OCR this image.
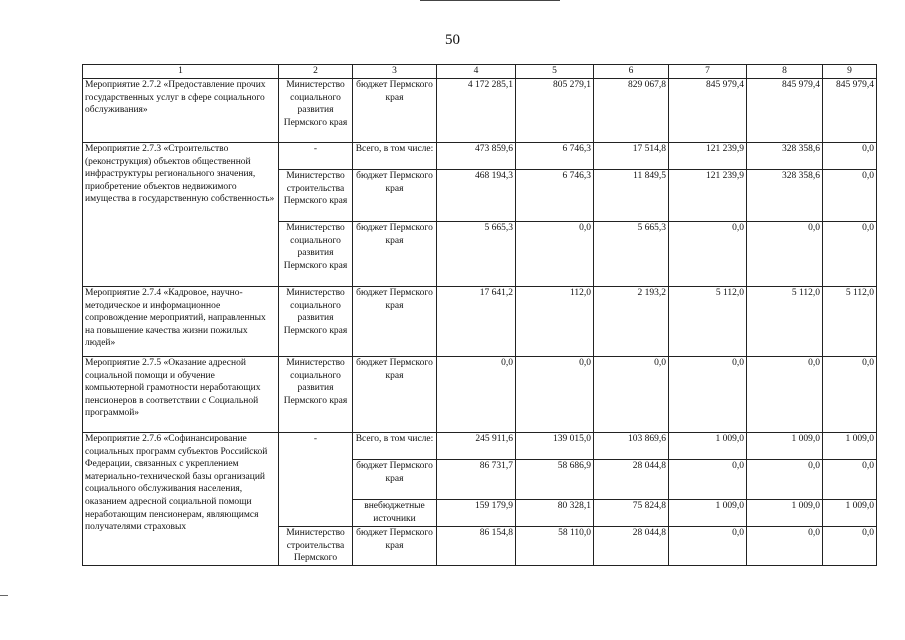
50
1	2	3	4	5	6	7	8	9
Мероприятие 2.7.2 «Предоставление прочих государственных услуг в сфере социального обслуживания»	Министерство социального развития Пермского края	бюджет Пермского края	4 172 285,1	805 279,1	829 067,8	845 979,4	845 979,4	845 979,4
Мероприятие 2.7.3 «Строительство (реконструкция) объектов общественной инфраструктуры регионального значения, приобретение объектов недвижимого имущества в государственную собственность»	-	Всего, в том числе:	473 859,6	6 746,3	17 514,8	121 239,9	328 358,6	0,0
	Министерство строительства Пермского края	бюджет Пермского края	468 194,3	6 746,3	11 849,5	121 239,9	328 358,6	0,0
	Министерство социального развития Пермского края	бюджет Пермского края	5 665,3	0,0	5 665,3	0,0	0,0	0,0
Мероприятие 2.7.4 «Кадровое, научно-методическое и информационное сопровождение мероприятий, направленных на повышение качества жизни пожилых людей»	Министерство социального развития Пермского края	бюджет Пермского края	17 641,2	112,0	2 193,2	5 112,0	5 112,0	5 112,0
Мероприятие 2.7.5 «Оказание адресной социальной помощи и обучение компьютерной грамотности неработающих пенсионеров в соответствии с Социальной программой»	Министерство социального развития Пермского края	бюджет Пермского края	0,0	0,0	0,0	0,0	0,0	0,0
Мероприятие 2.7.6 «Софинансирование социальных программ субъектов Российской Федерации, связанных с укреплением материально-технической базы организаций социального обслуживания населения, оказанием адресной социальной помощи неработающим пенсионерам, являющимся получателями страховых	-	Всего, в том числе:	245 911,6	139 015,0	103 869,6	1 009,0	1 009,0	1 009,0
		бюджет Пермского края	86 731,7	58 686,9	28 044,8	0,0	0,0	0,0
		внебюджетные источники	159 179,9	80 328,1	75 824,8	1 009,0	1 009,0	1 009,0
	Министерство строительства Пермского	бюджет Пермского края	86 154,8	58 110,0	28 044,8	0,0	0,0	0,0
